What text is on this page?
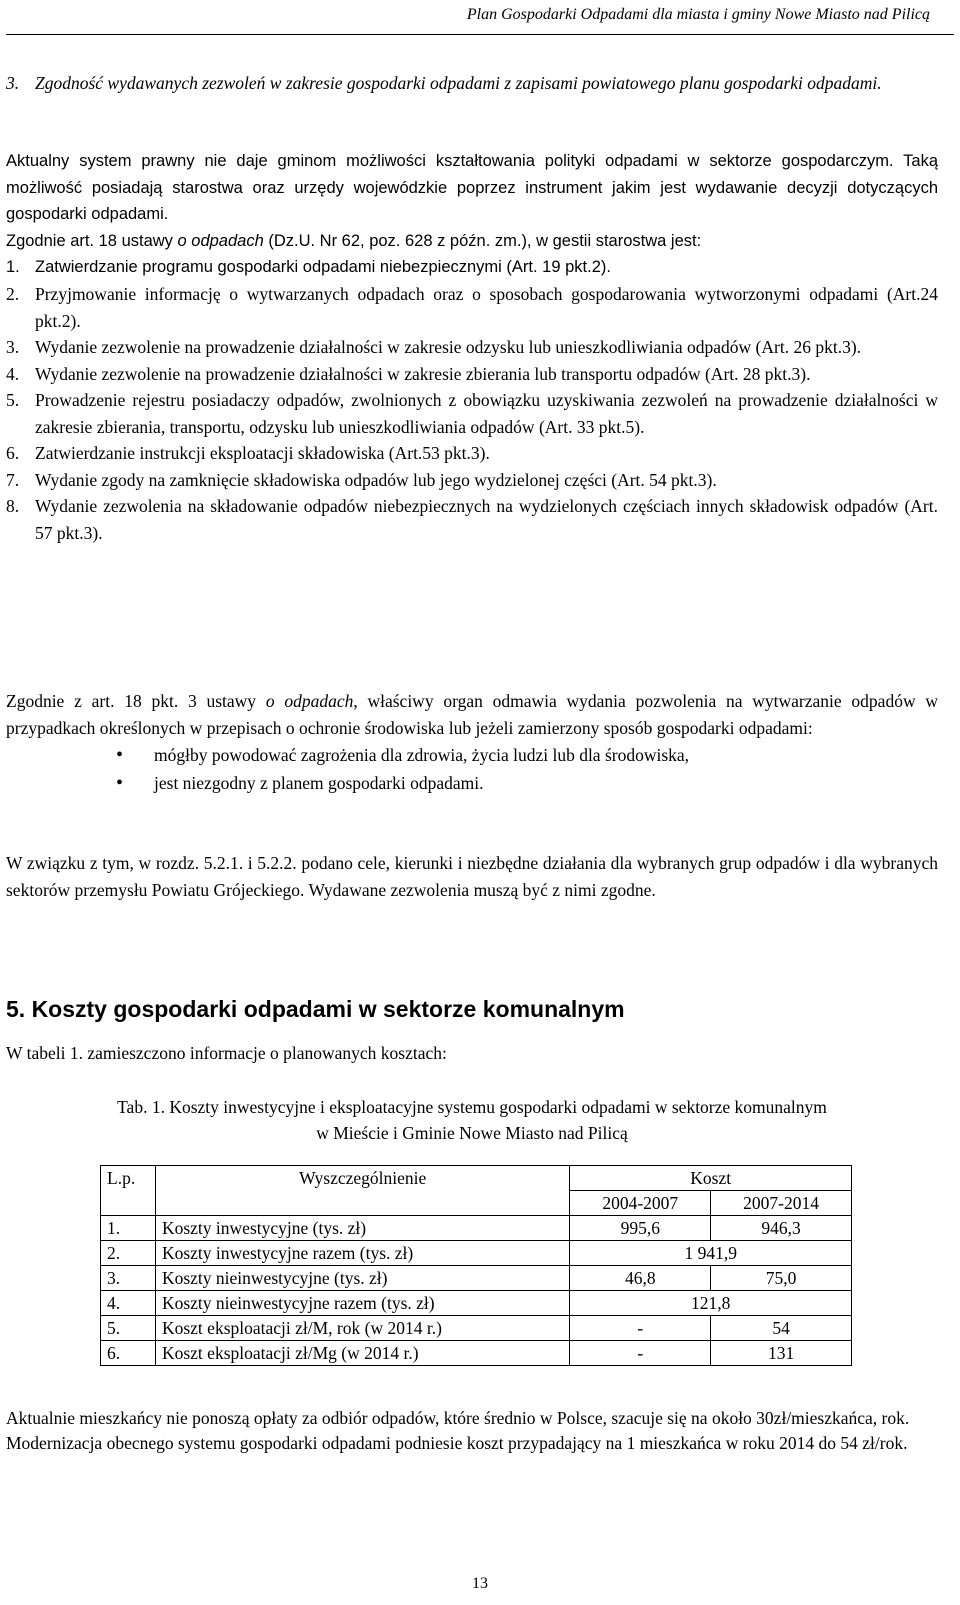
Plan Gospodarki Odpadami dla miasta i gminy Nowe Miasto nad Pilicą
3. Zgodność wydawanych zezwoleń w zakresie gospodarki odpadami z zapisami powiatowego planu gospodarki odpadami.

Aktualny system prawny nie daje gminom możliwości kształtowania polityki odpadami w sektorze gospodarczym. Taką możliwość posiadają starostwa oraz urzędy wojewódzkie poprzez instrument jakim jest wydawanie decyzji dotyczących gospodarki odpadami.

Zgodnie art. 18 ustawy o odpadach (Dz.U. Nr 62, poz. 628 z późn. zm.), w gestii starostwa jest:

1. Zatwierdzanie programu gospodarki odpadami niebezpiecznymi (Art. 19 pkt.2).
2. Przyjmowanie informację o wytwarzanych odpadach oraz o sposobach gospodarowania wytworzonymi odpadami (Art.24 pkt.2).
3. Wydanie zezwolenie na prowadzenie działalności w zakresie odzysku lub unieszkodliwiania odpadów (Art. 26 pkt.3).
4. Wydanie zezwolenie na prowadzenie działalności w zakresie zbierania lub transportu odpadów (Art. 28 pkt.3).
5. Prowadzenie rejestru posiadaczy odpadów, zwolnionych z obowiązku uzyskiwania zezwoleń na prowadzenie działalności w zakresie zbierania, transportu, odzysku lub unieszkodliwiania odpadów (Art. 33 pkt.5).
6. Zatwierdzanie instrukcji eksploatacji składowiska (Art.53 pkt.3).
7. Wydanie zgody na zamknięcie składowiska odpadów lub jego wydzielonej części (Art. 54 pkt.3).
8. Wydanie zezwolenia na składowanie odpadów niebezpiecznych na wydzielonych częściach innych składowisk odpadów (Art. 57 pkt.3).

Zgodnie z art. 18 pkt. 3 ustawy o odpadach, właściwy organ odmawia wydania pozwolenia na wytwarzanie odpadów w przypadkach określonych w przepisach o ochronie środowiska lub jeżeli zamierzony sposób gospodarki odpadami:

• mógłby powodować zagrożenia dla zdrowia, życia ludzi lub dla środowiska,
• jest niezgodny z planem gospodarki odpadami.

W związku z tym, w rozdz. 5.2.1. i 5.2.2. podano cele, kierunki i niezbędne działania dla wybranych grup odpadów i dla wybranych sektorów przemysłu Powiatu Grójeckiego. Wydawane zezwolenia muszą być z nimi zgodne.

5. Koszty gospodarki odpadami w sektorze komunalnym

W tabeli 1. zamieszczono informacje o planowanych kosztach:

Tab. 1. Koszty inwestycyjne i eksploatacyjne systemu gospodarki odpadami w sektorze komunalnym
w Mieście i Gminie Nowe Miasto nad Pilicą
L.p.	Wyszczególnienie	Koszt	
		2004-2007	2007-2014
1.	Koszty inwestycyjne (tys. zł)	995,6	946,3
2.	Koszty inwestycyjne razem (tys. zł)	1 941,9	
3.	Koszty nieinwestycyjne (tys. zł)	46,8	75,0
4.	Koszty nieinwestycyjne razem (tys. zł)	121,8	
5.	Koszt eksploatacji zł/M, rok (w 2014 r.)	-	54
6.	Koszt eksploatacji zł/Mg (w 2014 r.)	-	131

Aktualnie mieszkańcy nie ponoszą opłaty za odbiór odpadów, które średnio w Polsce, szacuje się na około 30zł/mieszkańca, rok.

Modernizacja obecnego systemu gospodarki odpadami podniesie koszt przypadający na 1 mieszkańca w roku 2014 do 54 zł/rok.

13
